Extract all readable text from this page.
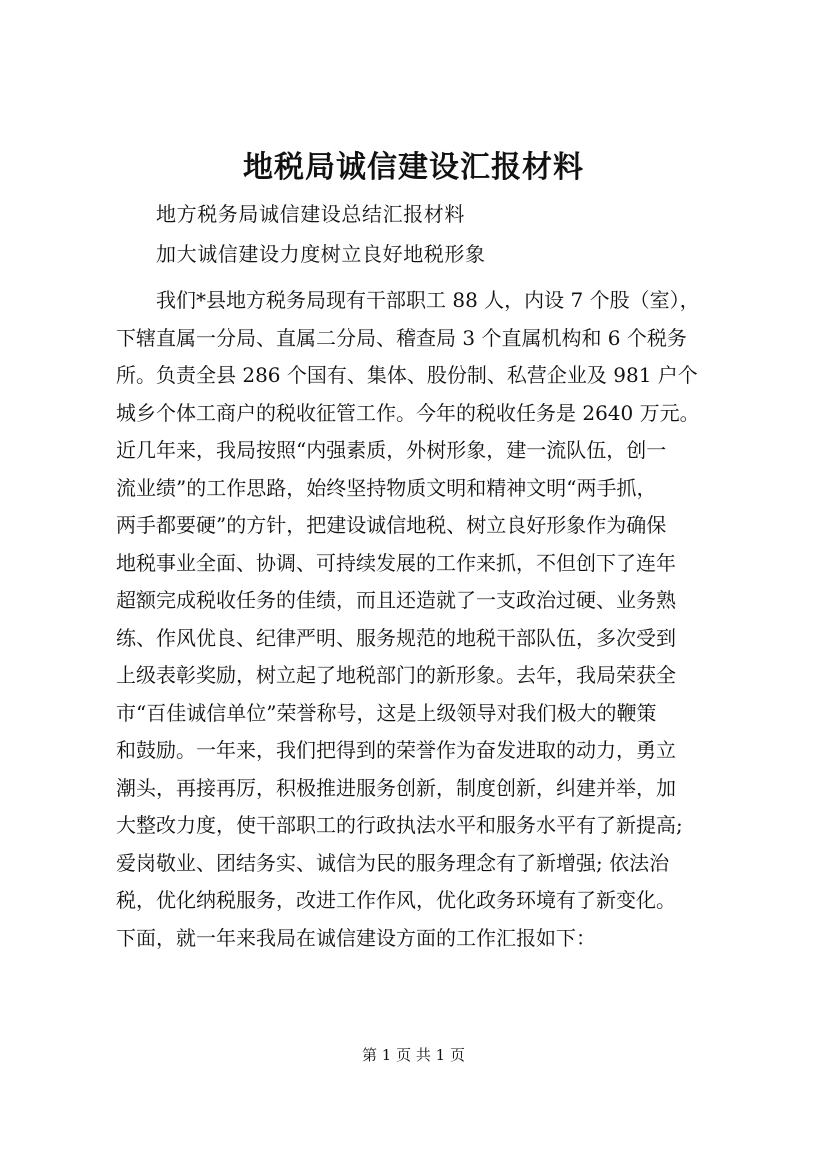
地税局诚信建设汇报材料
地方税务局诚信建设总结汇报材料
加大诚信建设力度树立良好地税形象
我们*县地方税务局现有干部职工 88 人，内设 7 个股（室），
下辖直属一分局、直属二分局、稽查局 3 个直属机构和 6 个税务
所。负责全县 286 个国有、集体、股份制、私营企业及 981 户个
城乡个体工商户的税收征管工作。今年的税收任务是 2640 万元。
近几年来，我局按照“内强素质，外树形象，建一流队伍，创一
流业绩”的工作思路，始终坚持物质文明和精神文明“两手抓，
两手都要硬”的方针，把建设诚信地税、树立良好形象作为确保
地税事业全面、协调、可持续发展的工作来抓，不但创下了连年
超额完成税收任务的佳绩，而且还造就了一支政治过硬、业务熟
练、作风优良、纪律严明、服务规范的地税干部队伍，多次受到
上级表彰奖励，树立起了地税部门的新形象。去年，我局荣获全
市“百佳诚信单位”荣誉称号，这是上级领导对我们极大的鞭策
和鼓励。一年来，我们把得到的荣誉作为奋发进取的动力，勇立
潮头，再接再厉，积极推进服务创新，制度创新，纠建并举，加
大整改力度，使干部职工的行政执法水平和服务水平有了新提高;
爱岗敬业、团结务实、诚信为民的服务理念有了新增强; 依法治
税，优化纳税服务，改进工作作风，优化政务环境有了新变化。
下面，就一年来我局在诚信建设方面的工作汇报如下：
第 1 页 共 1 页
